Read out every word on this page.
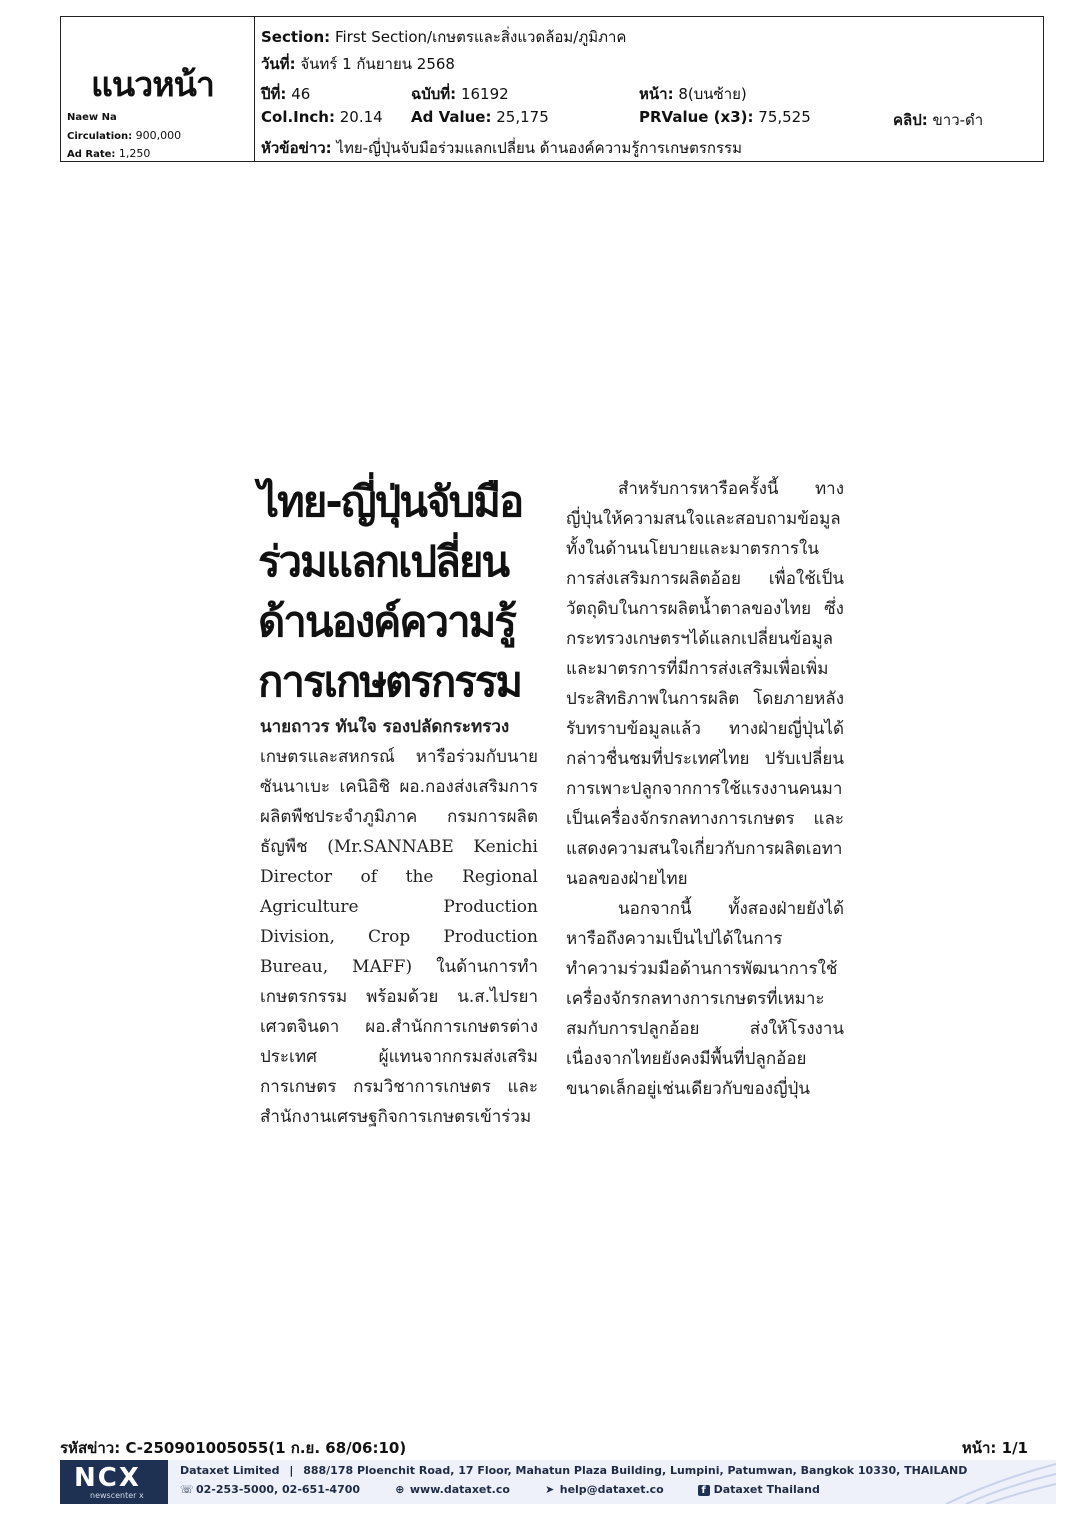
แนวหน้า
Naew Na
Circulation: 900,000
Ad Rate: 1,250
Section: First Section/เกษตรและสิ่งแวดล้อม/ภูมิภาค
วันที่: จันทร์ 1 กันยายน 2568
ปีที่: 46	ฉบับที่: 16192	หน้า: 8(บนซ้าย)
Col.Inch: 20.14 Ad Value: 25,175	PRValue (x3): 75,525	คลิป: ขาว-ดำ
หัวข้อข่าว: ไทย-ญี่ปุ่นจับมือร่วมแลกเปลี่ยน ด้านองค์ความรู้การเกษตรกรรม
ไทย-ญี่ปุ่นจับมือ
ร่วมแลกเปลี่ยน
ด้านองค์ความรู้
การเกษตรกรรม

นายถาวร ทันใจ รองปลัดกระทรวง

เกษตรและสหกรณ์ หารือร่วมกับนายซันนาเบะ เคนิอิชิ ผอ.กองส่งเสริมการผลิตพืชประจำภูมิภาค กรมการผลิตธัญพืช (Mr.SANNABE Kenichi Director of the Regional Agriculture Production Division, Crop Production Bureau, MAFF) ในด้านการทำเกษตรกรรม พร้อมด้วย น.ส.ไปรยา เศวตจินดา ผอ.สำนักการเกษตรต่างประเทศ ผู้แทนจากกรมส่งเสริมการเกษตร กรมวิชาการเกษตร และสำนักงานเศรษฐกิจการเกษตรเข้าร่วม

สำหรับการหารือครั้งนี้ ทางญี่ปุ่นให้ความสนใจและสอบถามข้อมูลทั้งในด้านนโยบายและมาตรการในการส่งเสริมการผลิตอ้อย เพื่อใช้เป็นวัตถุดิบในการผลิตน้ำตาลของไทย ซึ่งกระทรวงเกษตรฯได้แลกเปลี่ยนข้อมูลและมาตรการที่มีการส่งเสริมเพื่อเพิ่มประสิทธิภาพในการผลิต โดยภายหลังรับทราบข้อมูลแล้ว ทางฝ่ายญี่ปุ่นได้กล่าวชื่นชมที่ประเทศไทย ปรับเปลี่ยนการเพาะปลูกจากการใช้แรงงานคนมาเป็นเครื่องจักรกลทางการเกษตร และแสดงความสนใจเกี่ยวกับการผลิตเอทานอลของฝ่ายไทย

นอกจากนี้ ทั้งสองฝ่ายยังได้หารือถึงความเป็นไปได้ในการทำความร่วมมือด้านการพัฒนาการใช้เครื่องจักรกลทางการเกษตรที่เหมาะสมกับการปลูกอ้อย ส่งให้โรงงาน เนื่องจากไทยยังคงมีพื้นที่ปลูกอ้อยขนาดเล็กอยู่เช่นเดียวกับของญี่ปุ่น

รหัสข่าว: C-250901005055(1 ก.ย. 68/06:10)	หน้า: 1/1
NCX
newscenter x
Dataxet Limited | 888/178 Ploenchit Road, 17 Floor, Mahatun Plaza Building, Lumpini, Patumwan, Bangkok 10330, THAILAND
☏ 02-253-5000, 02-651-4700	⊕ www.dataxet.co	➤ help@dataxet.co	f Dataxet Thailand
